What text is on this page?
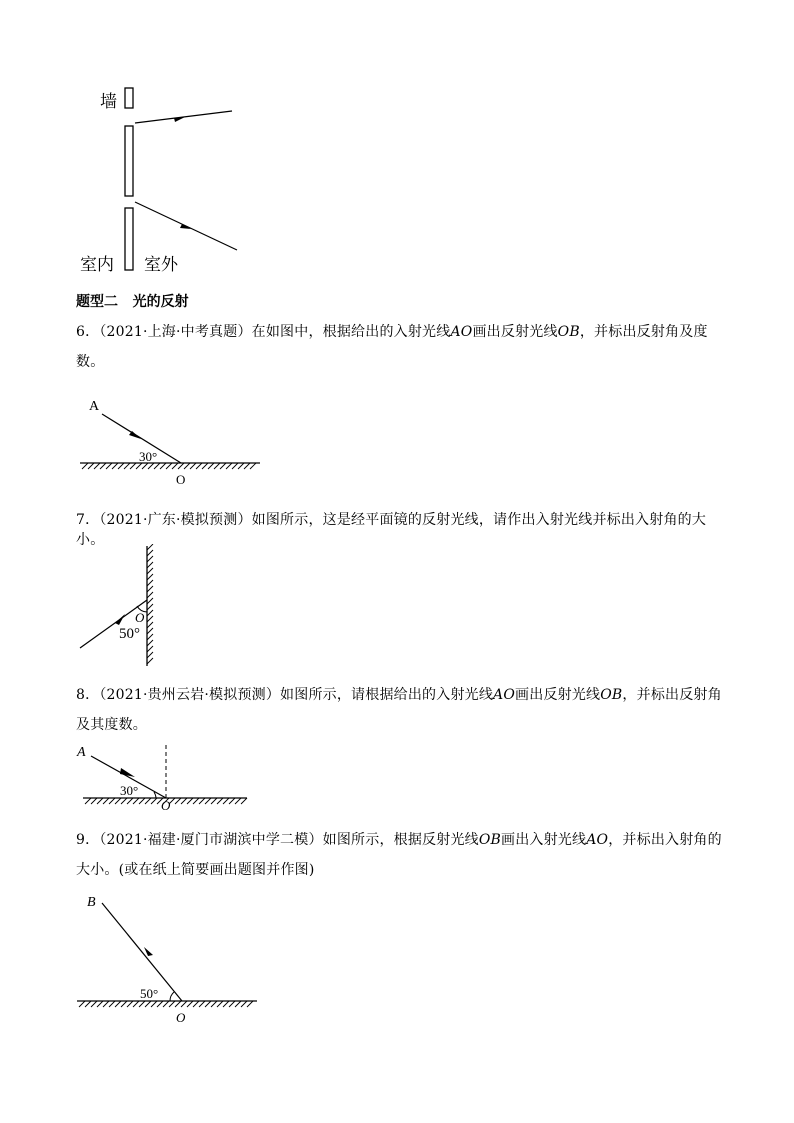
墙
室内 室外
题型二   光的反射
6．（2021·上海·中考真题）在如图中，根据给出的入射光线AO画出反射光线OB，并标出反射角及度
数。
A
30°
O
7．（2021·广东·模拟预测）如图所示，这是经平面镜的反射光线，请作出入射光线并标出入射角的大小。
50°
O
8．（2021·贵州云岩·模拟预测）如图所示，请根据给出的入射光线AO画出反射光线OB，并标出反射角
及其度数。
A
30°
O
9．（2021·福建·厦门市湖滨中学二模）如图所示，根据反射光线OB画出入射光线AO，并标出入射角的
大小。(或在纸上简要画出题图并作图)
B
50°
O
